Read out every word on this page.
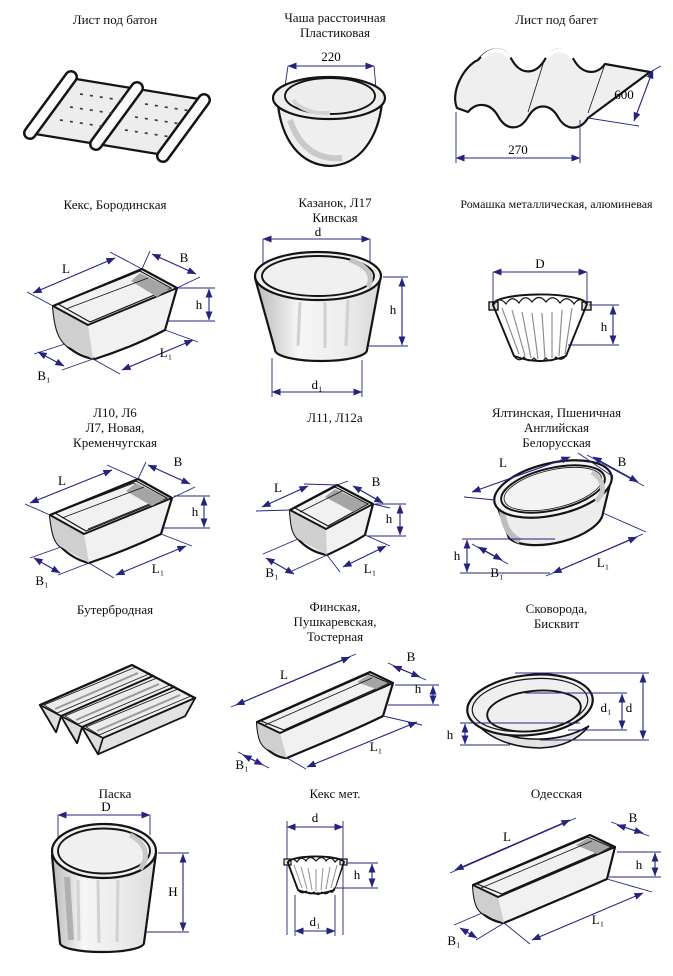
Лист под батон	Чаша расстоичная
Пластиковая
220
Лист под багет
600
270
Кекс, Бородинская
L
B
h
B₁
L₁
Казанок, Л17
Кивская
d
h
d₁
Ромашка металлическая, алюминевая
D
h
Л10, Л6
Л7, Новая,
Кременчугская
L
B
h
B₁
L₁
Л11, Л12а
L	B
h
B₁	L₁
Ялтинская, Пшеничная
Английская
Белорусская
L	B
h
B₁
L₁
Бутербродная	Финская,
Пушкаревская,
Тостерная
L
B
h
L₁
B₁
Сковорода,
Бисквит
h
d
d₁
Паска
D
H
Кекс мет.
d
h
d₁
Одесская
L
B
h
L₁
B₁
